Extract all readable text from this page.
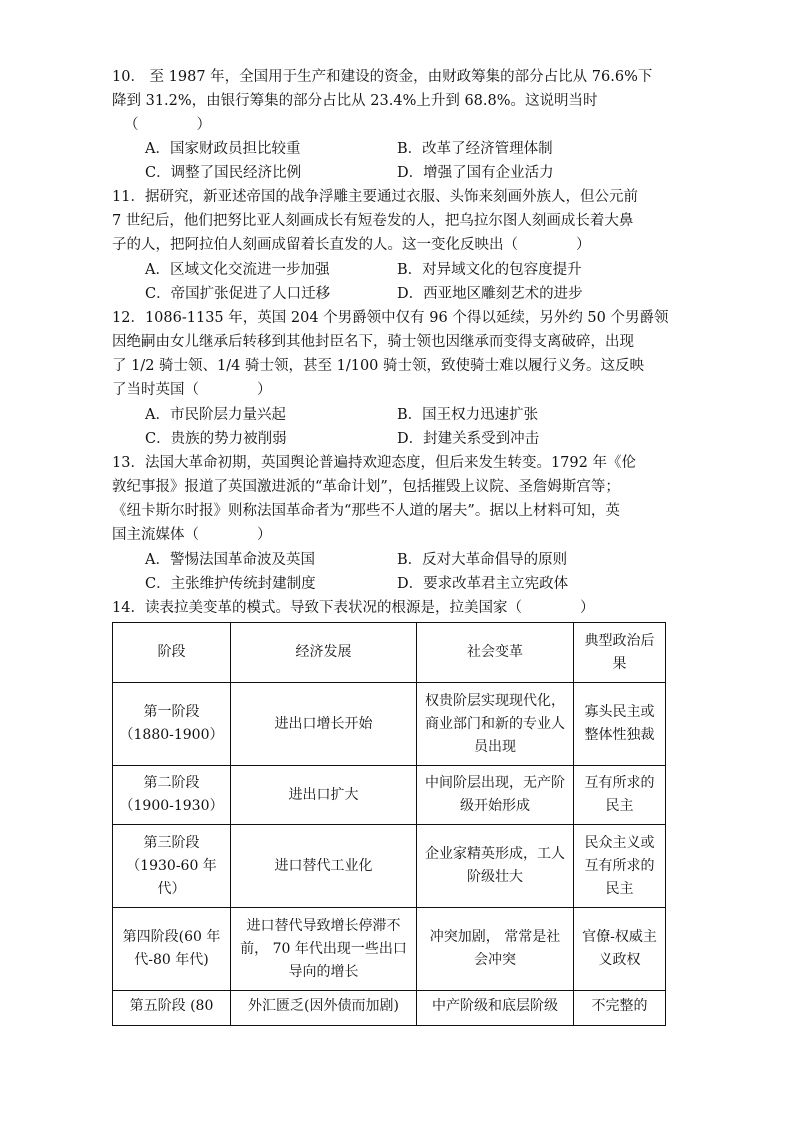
10． 至 1987 年，全国用于生产和建设的资金，由财政筹集的部分占比从 76.6%下
降到 31.2%，由银行筹集的部分占比从 23.4%上升到 68.8%。这说明当时
（　　　　）
A．国家财政员担比较重	B．改革了经济管理体制
C．调整了国民经济比例	D．增强了国有企业活力
11．据研究，新亚述帝国的战争浮雕主要通过衣服、头饰来刻画外族人，但公元前
7 世纪后，他们把努比亚人刻画成长有短卷发的人，把乌拉尔图人刻画成长着大鼻
子的人，把阿拉伯人刻画成留着长直发的人。这一变化反映出（　　　　）
A．区域文化交流进一步加强	B．对异域文化的包容度提升
C．帝国扩张促进了人口迁移	D．西亚地区雕刻艺术的进步
12．1086-1135 年，英国 204 个男爵领中仅有 96 个得以延续，另外约 50 个男爵领
因绝嗣由女儿继承后转移到其他封臣名下，骑士领也因继承而变得支离破碎，出现
了 1/2 骑士领、1/4 骑士领，甚至 1/100 骑士领，致使骑士难以履行义务。这反映
了当时英国（　　　　）
A．市民阶层力量兴起	B．国王权力迅速扩张
C．贵族的势力被削弱	D．封建关系受到冲击
13．法国大革命初期，英国舆论普遍持欢迎态度，但后来发生转变。1792 年《伦
敦纪事报》报道了英国激进派的“革命计划”，包括摧毁上议院、圣詹姆斯宫等；
《纽卡斯尔时报》则称法国革命者为“那些不人道的屠夫”。据以上材料可知，英
国主流媒体（　　　　）
A．警惕法国革命波及英国	B．反对大革命倡导的原则
C．主张维护传统封建制度	D．要求改革君主立宪政体
14．读表拉美变革的模式。导致下表状况的根源是，拉美国家（　　　　）
阶段	经济发展	社会变革	典型政治后果
第一阶段（1880-1900）	进出口增长开始	权贵阶层实现现代化，商业部门和新的专业人员出现	寡头民主或整体性独裁
第二阶段（1900-1930）	进出口扩大	中间阶层出现，无产阶级开始形成	互有所求的民主
第三阶段（1930-60 年代）	进口替代工业化	企业家精英形成，工人阶级壮大	民众主义或互有所求的民主
第四阶段(60 年代-80 年代)	进口替代导致增长停滞不前， 70 年代出现一些出口导向的增长	冲突加剧， 常常是社会冲突	官僚-权威主义政权
第五阶段 (80	外汇匮乏(因外债而加剧)	中产阶级和底层阶级	不完整的
